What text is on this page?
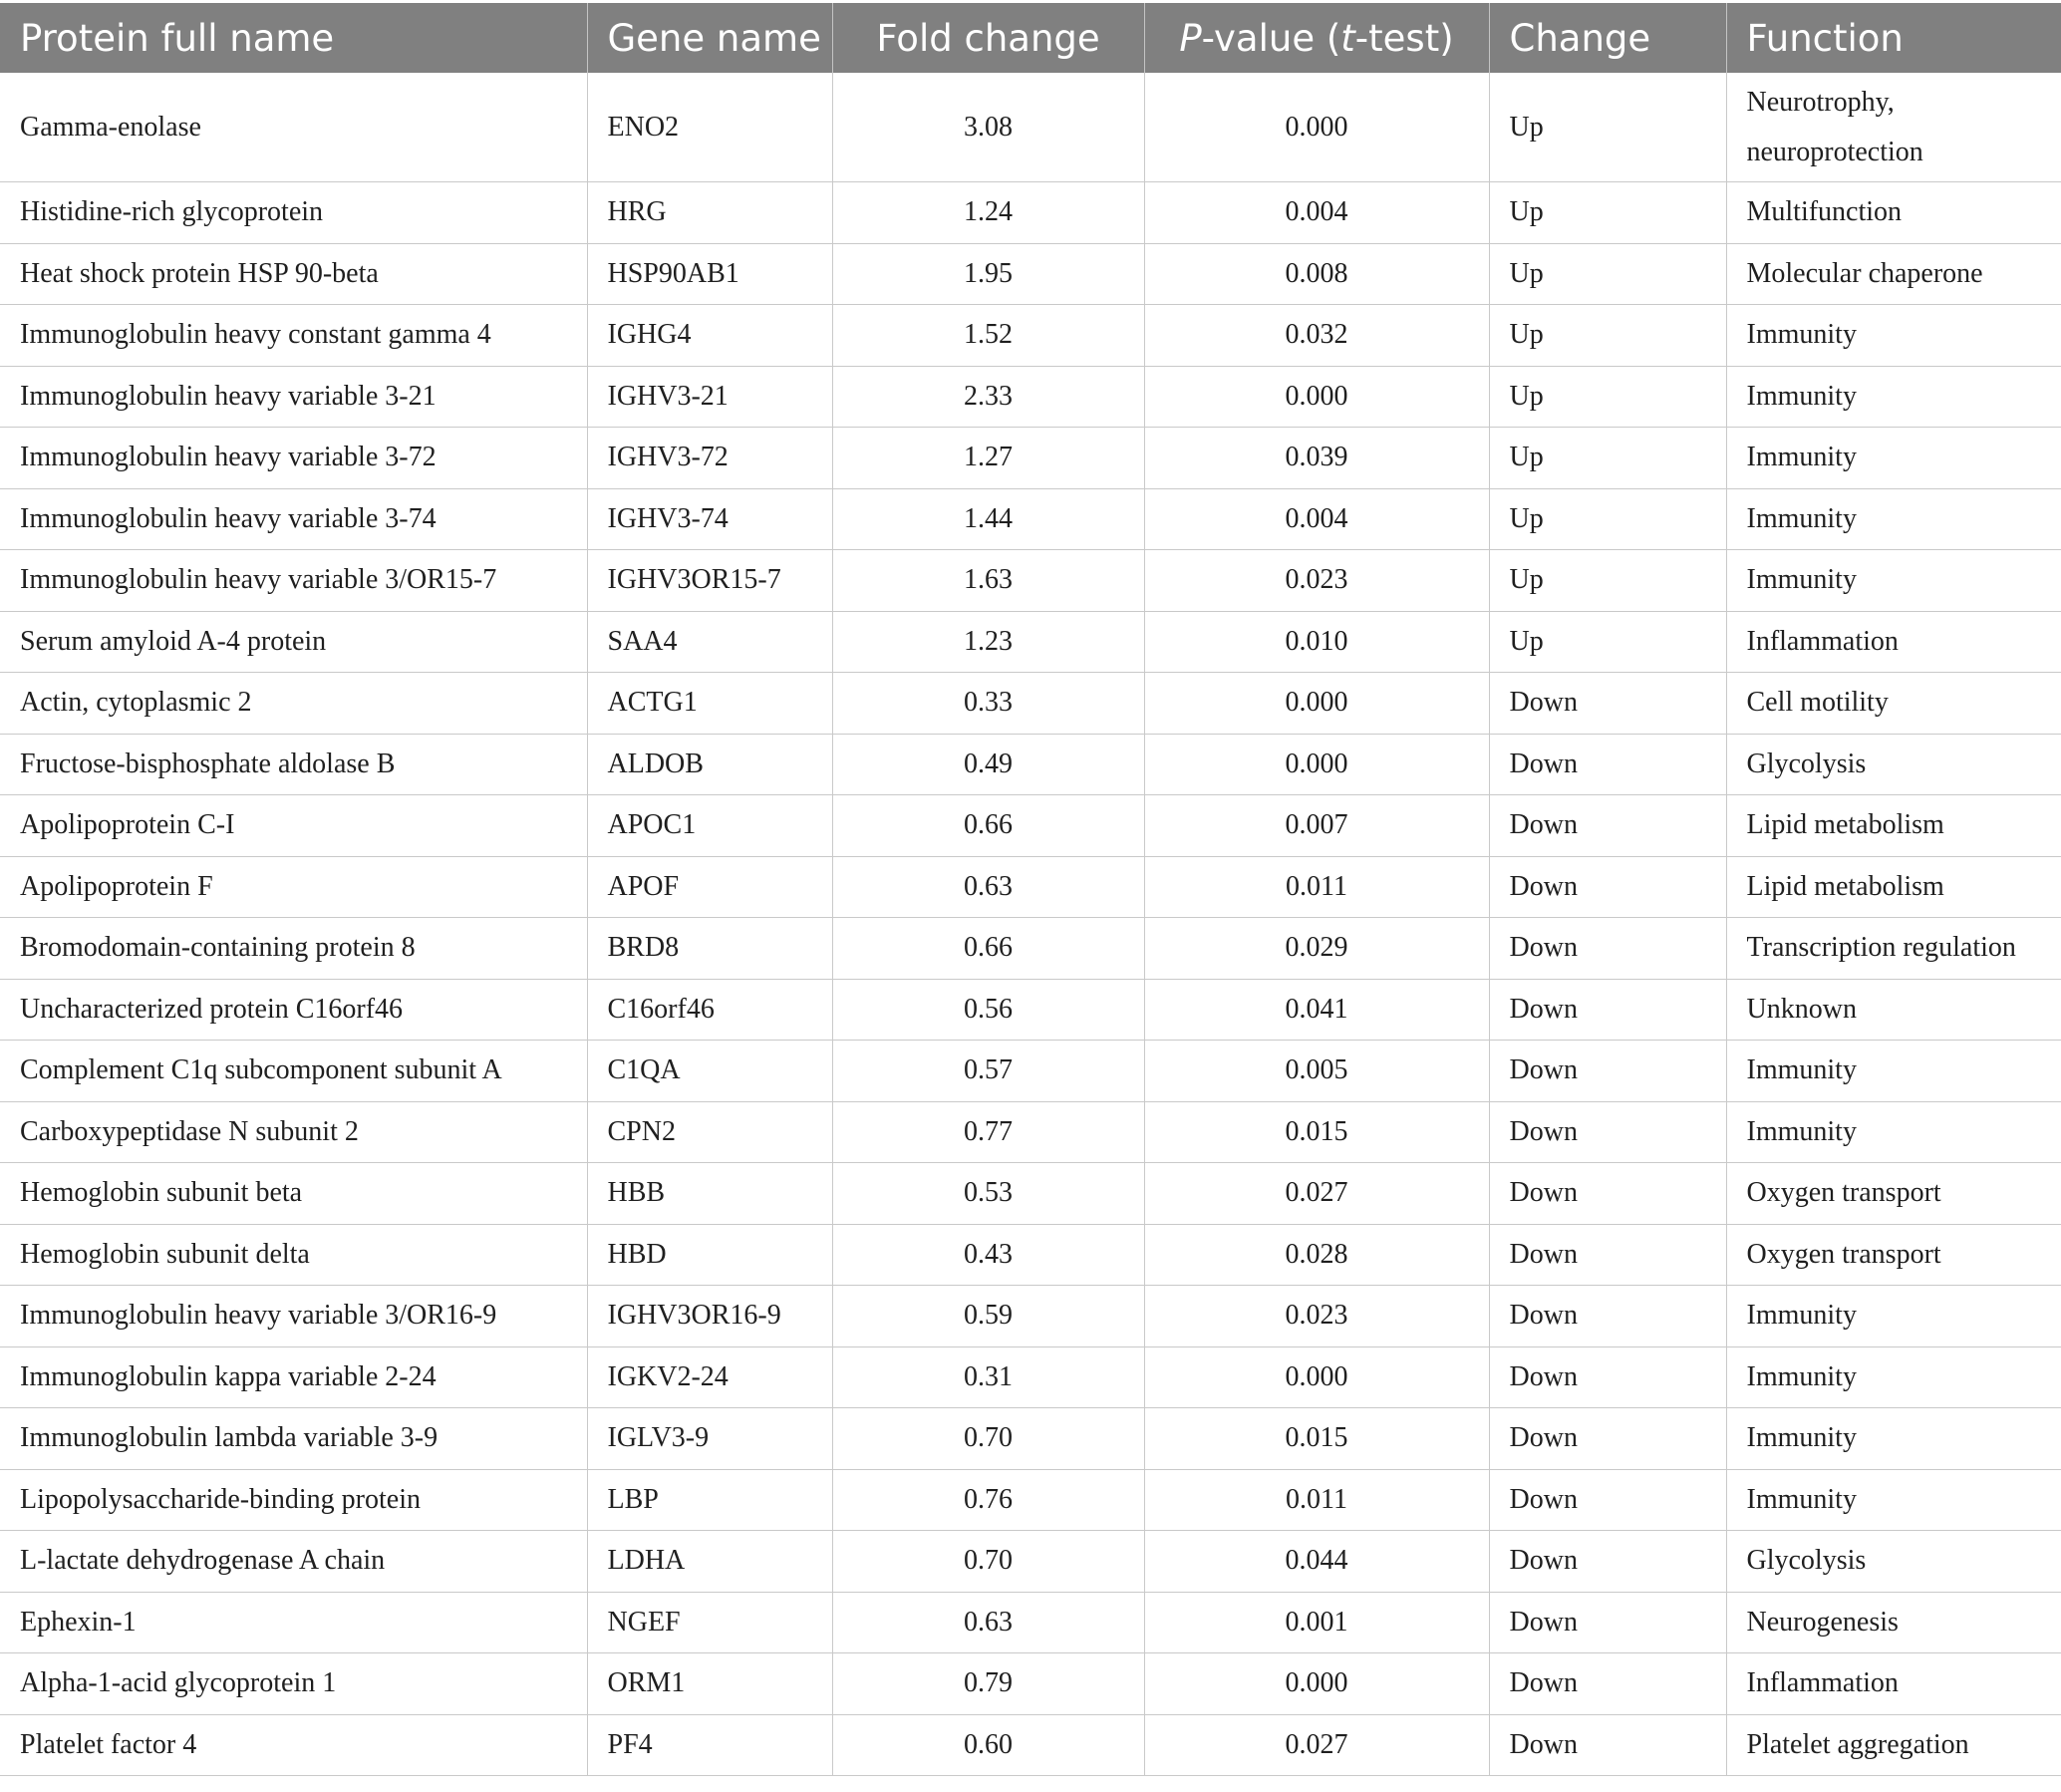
Protein full name	Gene name	Fold change	P-value (t-test)	Change	Function
Gamma-enolase	ENO2	3.08	0.000	Up	Neurotrophy, neuroprotection
Histidine-rich glycoprotein	HRG	1.24	0.004	Up	Multifunction
Heat shock protein HSP 90-beta	HSP90AB1	1.95	0.008	Up	Molecular chaperone
Immunoglobulin heavy constant gamma 4	IGHG4	1.52	0.032	Up	Immunity
Immunoglobulin heavy variable 3-21	IGHV3-21	2.33	0.000	Up	Immunity
Immunoglobulin heavy variable 3-72	IGHV3-72	1.27	0.039	Up	Immunity
Immunoglobulin heavy variable 3-74	IGHV3-74	1.44	0.004	Up	Immunity
Immunoglobulin heavy variable 3/OR15-7	IGHV3OR15-7	1.63	0.023	Up	Immunity
Serum amyloid A-4 protein	SAA4	1.23	0.010	Up	Inflammation
Actin, cytoplasmic 2	ACTG1	0.33	0.000	Down	Cell motility
Fructose-bisphosphate aldolase B	ALDOB	0.49	0.000	Down	Glycolysis
Apolipoprotein C-I	APOC1	0.66	0.007	Down	Lipid metabolism
Apolipoprotein F	APOF	0.63	0.011	Down	Lipid metabolism
Bromodomain-containing protein 8	BRD8	0.66	0.029	Down	Transcription regulation
Uncharacterized protein C16orf46	C16orf46	0.56	0.041	Down	Unknown
Complement C1q subcomponent subunit A	C1QA	0.57	0.005	Down	Immunity
Carboxypeptidase N subunit 2	CPN2	0.77	0.015	Down	Immunity
Hemoglobin subunit beta	HBB	0.53	0.027	Down	Oxygen transport
Hemoglobin subunit delta	HBD	0.43	0.028	Down	Oxygen transport
Immunoglobulin heavy variable 3/OR16-9	IGHV3OR16-9	0.59	0.023	Down	Immunity
Immunoglobulin kappa variable 2-24	IGKV2-24	0.31	0.000	Down	Immunity
Immunoglobulin lambda variable 3-9	IGLV3-9	0.70	0.015	Down	Immunity
Lipopolysaccharide-binding protein	LBP	0.76	0.011	Down	Immunity
L-lactate dehydrogenase A chain	LDHA	0.70	0.044	Down	Glycolysis
Ephexin-1	NGEF	0.63	0.001	Down	Neurogenesis
Alpha-1-acid glycoprotein 1	ORM1	0.79	0.000	Down	Inflammation
Platelet factor 4	PF4	0.60	0.027	Down	Platelet aggregation
